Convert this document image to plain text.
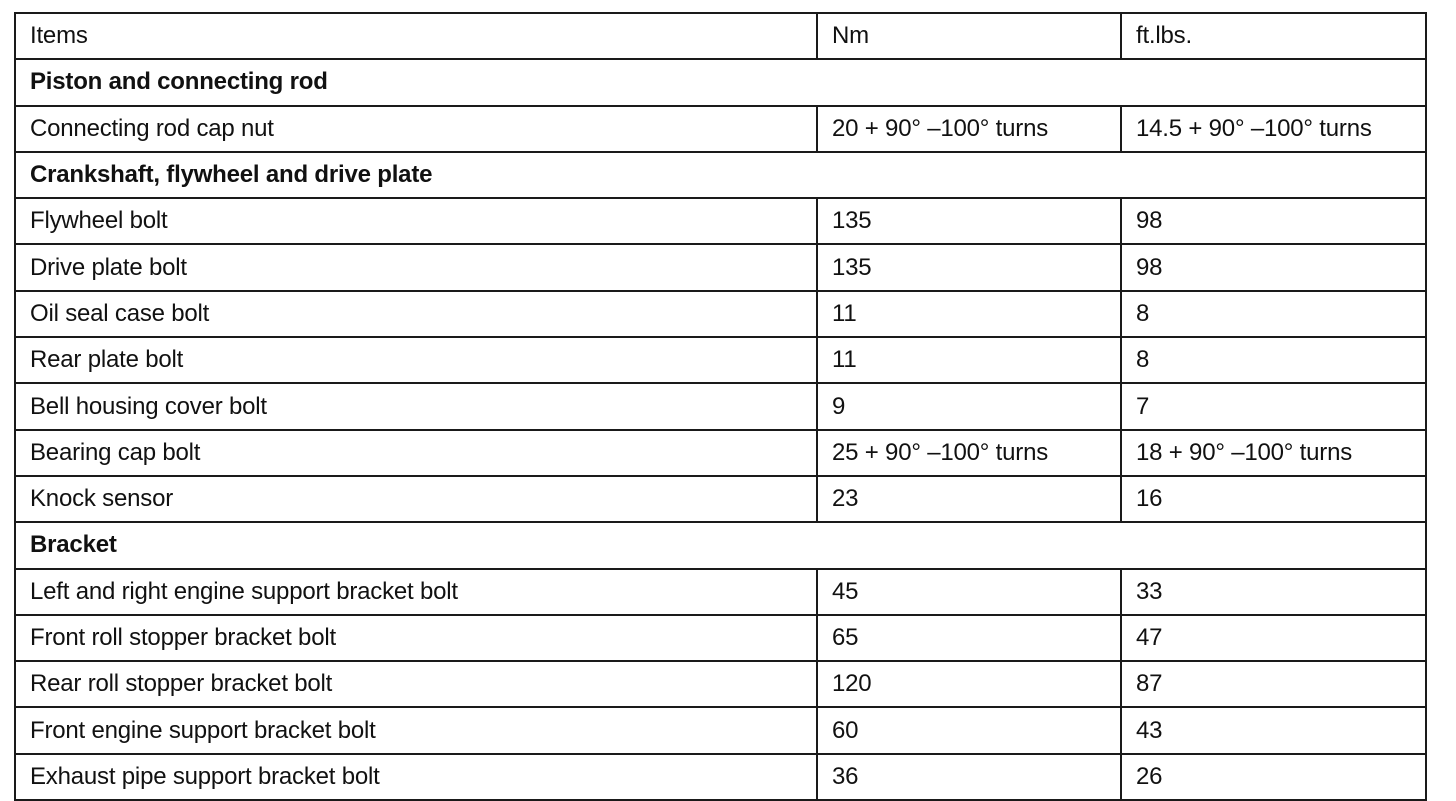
Items	Nm	ft.lbs.
Piston and connecting rod		
Connecting rod cap nut	20 + 90° –100° turns	14.5 + 90° –100° turns
Crankshaft, flywheel and drive plate		
Flywheel bolt	135	98
Drive plate bolt	135	98
Oil seal case bolt	11	8
Rear plate bolt	11	8
Bell housing cover bolt	9	7
Bearing cap bolt	25 + 90° –100° turns	18 + 90° –100° turns
Knock sensor	23	16
Bracket		
Left and right engine support bracket bolt	45	33
Front roll stopper bracket bolt	65	47
Rear roll stopper bracket bolt	120	87
Front engine support bracket bolt	60	43
Exhaust pipe support bracket bolt	36	26
